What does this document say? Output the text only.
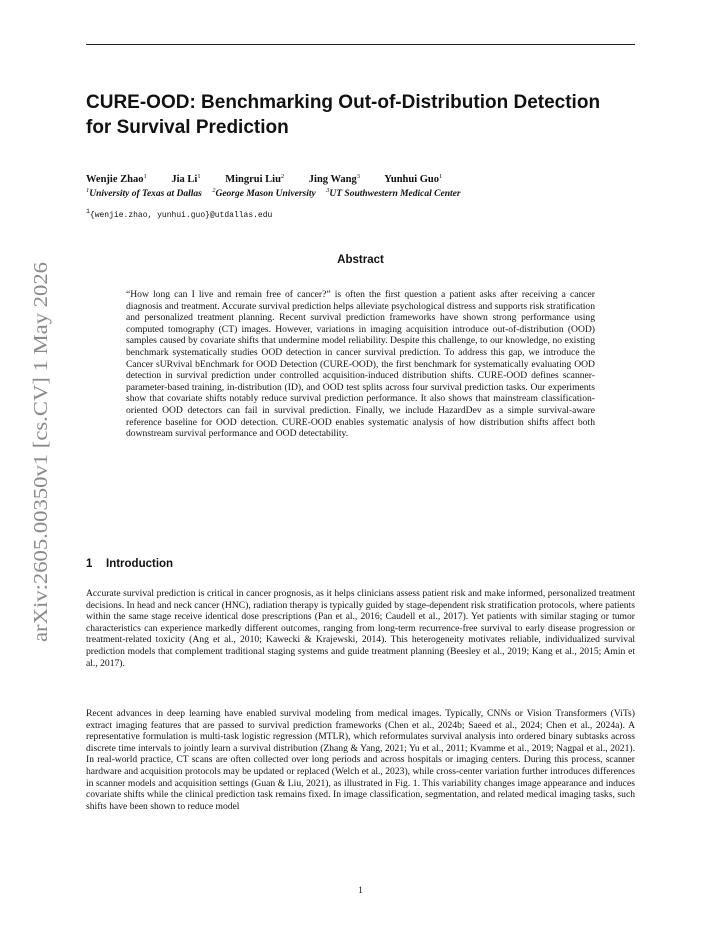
arXiv:2605.00350v1 [cs.CV] 1 May 2026
CURE-OOD: Benchmarking Out-of-Distribution Detection
for Survival Prediction
Wenjie Zhao$^1$ Jia Li$^1$ Mingrui Liu$^2$ Jing Wang$^3$ Yunhui Guo$^1$
$^1$University of Texas at Dallas $^2$George Mason University $^3$UT Southwestern Medical Center
$^1${wenjie.zhao, yunhui.guo}@utdallas.edu
Abstract

“How long can I live and remain free of cancer?” is often the first question a patient asks after receiving a cancer diagnosis and treatment. Accurate survival prediction helps alleviate psychological distress and supports risk stratification and personalized treatment planning. Recent survival prediction frameworks have shown strong performance using computed tomography (CT) images. However, variations in imaging acquisition introduce out-of-distribution (OOD) samples caused by covariate shifts that undermine model reliability. Despite this challenge, to our knowledge, no existing benchmark systematically studies OOD detection in cancer survival prediction. To address this gap, we introduce the Cancer sURvival bEnchmark for OOD Detection (CURE-OOD), the first benchmark for systematically evaluating OOD detection in survival prediction under controlled acquisition-induced distribution shifts. CURE-OOD defines scanner-parameter-based training, in-distribution (ID), and OOD test splits across four survival prediction tasks. Our experiments show that covariate shifts notably reduce survival prediction performance. It also shows that mainstream classification-oriented OOD detectors can fail in survival prediction. Finally, we include HazardDev as a simple survival-aware reference baseline for OOD detection. CURE-OOD enables systematic analysis of how distribution shifts affect both downstream survival performance and OOD detectability.

1 Introduction

Accurate survival prediction is critical in cancer prognosis, as it helps clinicians assess patient risk and make informed, personalized treatment decisions. In head and neck cancer (HNC), radiation therapy is typically guided by stage-dependent risk stratification protocols, where patients within the same stage receive identical dose prescriptions (Pan et al., 2016; Caudell et al., 2017). Yet patients with similar staging or tumor characteristics can experience markedly different outcomes, ranging from long-term recurrence-free survival to early disease progression or treatment-related toxicity (Ang et al., 2010; Kawecki & Krajewski, 2014). This heterogeneity motivates reliable, individualized survival prediction models that complement traditional staging systems and guide treatment planning (Beesley et al., 2019; Kang et al., 2015; Amin et al., 2017).

Recent advances in deep learning have enabled survival modeling from medical images. Typically, CNNs or Vision Transformers (ViTs) extract imaging features that are passed to survival prediction frameworks (Chen et al., 2024b; Saeed et al., 2024; Chen et al., 2024a). A representative formulation is multi-task logistic regression (MTLR), which reformulates survival analysis into ordered binary subtasks across discrete time intervals to jointly learn a survival distribution (Zhang & Yang, 2021; Yu et al., 2011; Kvamme et al., 2019; Nagpal et al., 2021). In real-world practice, CT scans are often collected over long periods and across hospitals or imaging centers. During this process, scanner hardware and acquisition protocols may be updated or replaced (Welch et al., 2023), while cross-center variation further introduces differences in scanner models and acquisition settings (Guan & Liu, 2021), as illustrated in Fig. 1. This variability changes image appearance and induces covariate shifts while the clinical prediction task remains fixed. In image classification, segmentation, and related medical imaging tasks, such shifts have been shown to reduce model

1
